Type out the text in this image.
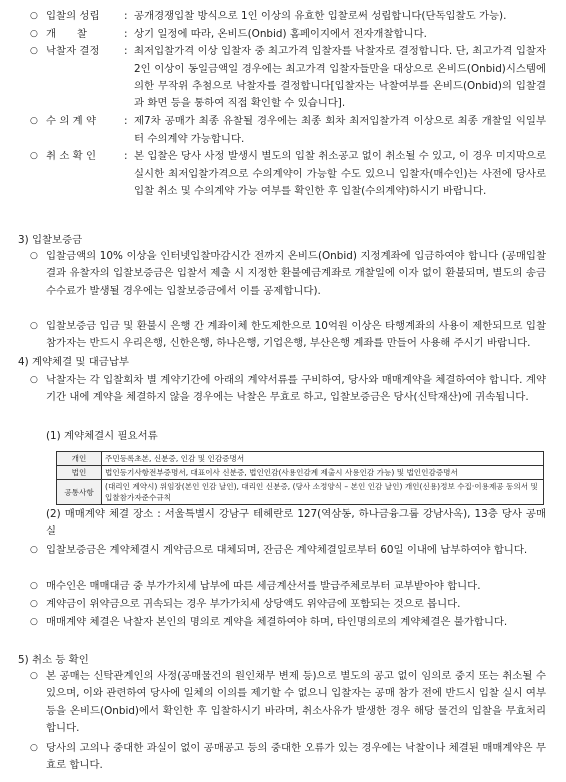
○ 입찰의 성립 : 공개경쟁입찰 방식으로 1인 이상의 유효한 입찰로써 성립합니다(단독입찰도 가능).
○ 개　　찰	: 상기 일정에 따라, 온비드(Onbid) 홈페이지에서 전자개찰합니다.
○ 낙찰자 결정 : 최저입찰가격 이상 입찰자 중 최고가격 입찰자를 낙찰자로 결정합니다. 단, 최고가격 입찰자 2인 이상이 동일금액일 경우에는 최고가격 입찰자들만을 대상으로 온비드(Onbid)시스템에 의한 무작위 추첨으로 낙찰자를 결정합니다[입찰자는 낙찰여부를 온비드(Onbid)의 입찰결과 화면 등을 통하여 직접 확인할 수 있습니다].
○ 수 의 계 약	: 제7차 공매가 최종 유찰될 경우에는 최종 회차 최저입찰가격 이상으로 최종 개찰일 익일부터 수의계약 가능합니다.
○ 취 소 확 인	: 본 입찰은 당사 사정 발생시 별도의 입찰 취소공고 없이 취소될 수 있고, 이 경우 미지막으로 실시한 최저입찰가격으로 수의계약이 가능할 수도 있으니 입찰자(매수인)는 사전에 당사로 입찰 취소 및 수의계약 가능 여부를 확인한 후 입찰(수의계약)하시기 바랍니다.
3) 입찰보증금
○ 입찰금액의 10% 이상을 인터넷입찰마감시간 전까지 온비드(Onbid) 지정계좌에 입금하여야 합니다 (공매입찰 결과 유찰자의 입찰보증금은 입찰서 제출 시 지정한 환불예금계좌로 개찰일에 이자 없이 환불되며, 별도의 송금수수료가 발생될 경우에는 입찰보증금에서 이를 공제합니다).
○ 입찰보증금 입금 및 환불시 은행 간 계좌이체 한도제한으로 10억원 이상은 타행계좌의 사용이 제한되므로 입찰참가자는 반드시 우리은행, 신한은행, 하나은행, 기업은행, 부산은행 계좌를 만들어 사용해 주시기 바랍니다.
4) 계약체결 및 대금납부
○ 낙찰자는 각 입찰회차 별 계약기간에 아래의 계약서류를 구비하여, 당사와 매매계약을 체결하여야 합니다. 계약기간 내에 계약을 체결하지 않을 경우에는 낙찰은 무효로 하고, 입찰보증금은 당사(신탁재산)에 귀속됩니다.
(1) 계약체결시 필요서류
개인	주민등록초본, 신분증, 인감 및 인감증명서
법인	법인등기사항전부증명서, 대표이사 신분증, 법인인감(사용인감계 제출시 사용인감 가능) 및 법인인감증명서
공통사항	(대리인 계약시) 위임장(본인 인감 날인), 대리인 신분증, (당사 소정양식 – 본인 인감 날인) 개인(신용)정보 수집·이용제공 동의서 및 입찰참가자준수규칙
(2) 매매계약 체결 장소 : 서울특별시 강남구 테헤란로 127(역삼동, 하나금융그룹 강남사옥), 13층 당사 공매실
○ 입찰보증금은 계약체결시 계약금으로 대체되며, 잔금은 계약체결일로부터 60일 이내에 납부하여야 합니다.
○ 매수인은 매매대금 중 부가가치세 납부에 따른 세금계산서를 발급주체로부터 교부받아야 합니다.
○ 계약금이 위약금으로 귀속되는 경우 부가가치세 상당액도 위약금에 포함되는 것으로 봅니다.
○ 매매계약 체결은 낙찰자 본인의 명의로 계약을 체결하여야 하며, 타인명의로의 계약체결은 불가합니다.
5) 취소 등 확인
○ 본 공매는 신탁관계인의 사정(공매물건의 원인채무 변제 등)으로 별도의 공고 없이 임의로 중지 또는 취소될 수 있으며, 이와 관련하여 당사에 일체의 이의를 제기할 수 없으니 입찰자는 공매 참가 전에 반드시 입찰 실시 여부 등을 온비드(Onbid)에서 확인한 후 입찰하시기 바라며, 취소사유가 발생한 경우 해당 물건의 입찰을 무효처리 합니다.
○ 당사의 고의나 중대한 과실이 없이 공매공고 등의 중대한 오류가 있는 경우에는 낙찰이나 체결된 매매계약은 무효로 합니다.
